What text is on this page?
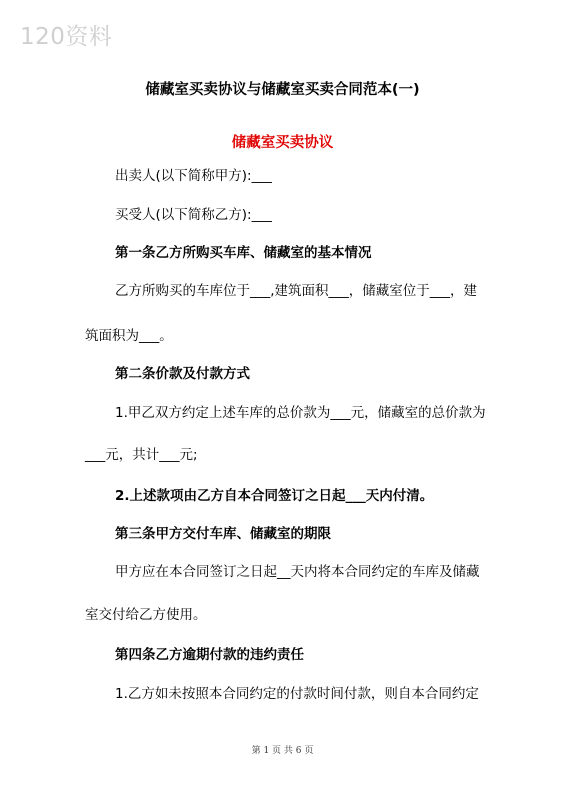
120资料
储藏室买卖协议与储藏室买卖合同范本(一)
储藏室买卖协议
出卖人(以下简称甲方):___
买受人(以下简称乙方):___
第一条乙方所购买车库、储藏室的基本情况
乙方所购买的车库位于___,建筑面积___，储藏室位于___，建
筑面积为___。
第二条价款及付款方式
1.甲乙双方约定上述车库的总价款为___元，储藏室的总价款为
___元，共计___元;
2.上述款项由乙方自本合同签订之日起___天内付清。
第三条甲方交付车库、储藏室的期限
甲方应在本合同签订之日起__天内将本合同约定的车库及储藏
室交付给乙方使用。
第四条乙方逾期付款的违约责任
1.乙方如未按照本合同约定的付款时间付款，则自本合同约定
第 1 页 共 6 页
